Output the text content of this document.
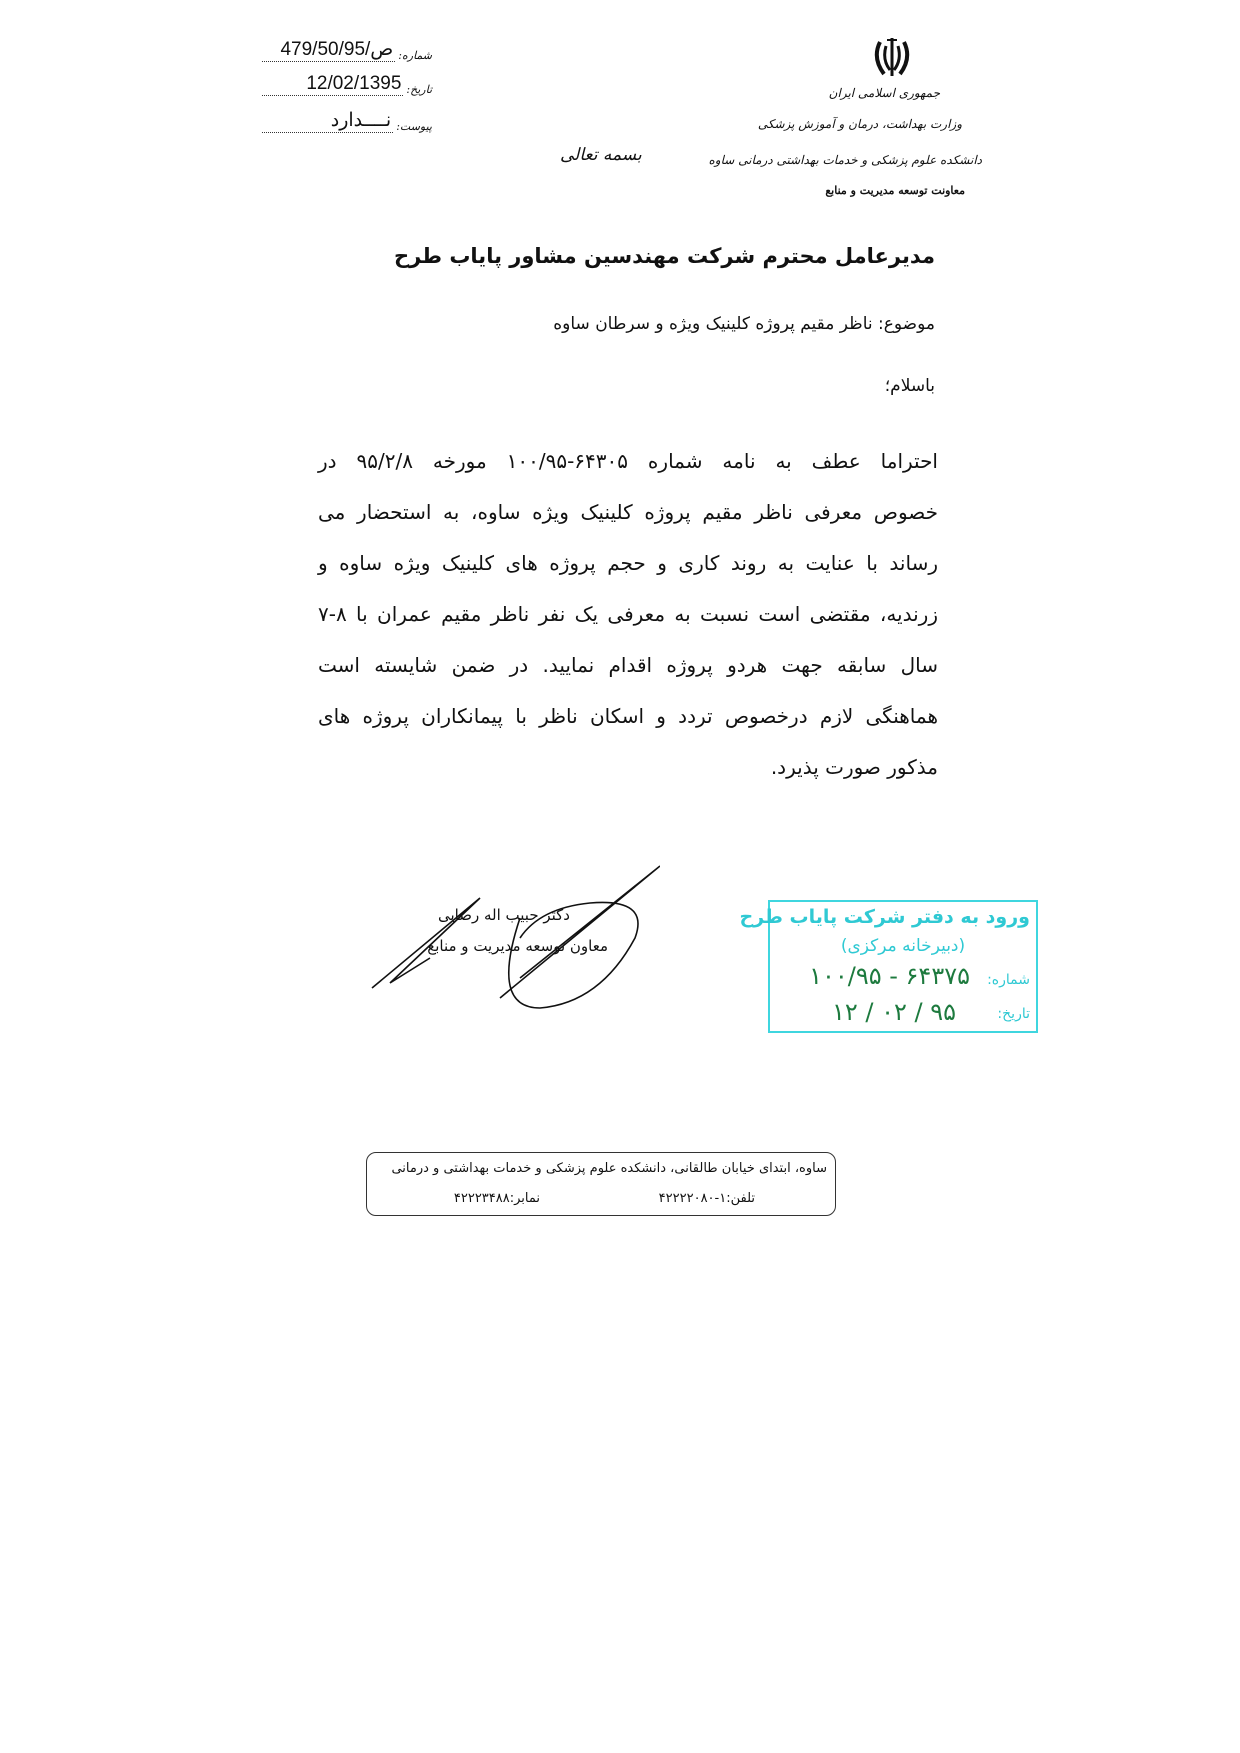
شماره:
479/50/ص/95
تاریخ:
12/02/1395
پیوست:
نــــدارد
بسمه تعالی
جمهوری اسلامی ایران
وزارت بهداشت، درمان و آموزش پزشکی
دانشکده علوم پزشکی و خدمات بهداشتی درمانی ساوه
معاونت توسعه مدیریت و منابع
مدیرعامل محترم شرکت مهندسین مشاور پایاب طرح
موضوع: ناظر مقیم پروژه کلینیک ویژه و سرطان ساوه
باسلام؛

احتراما عطف به نامه شماره ۶۴۳۰۵-۱۰۰/۹۵ مورخه ۹۵/۲/۸ در

خصوص معرفی ناظر مقیم پروژه کلینیک ویژه ساوه، به استحضار می

رساند با عنایت به روند کاری و حجم پروژه های کلینیک ویژه ساوه و

زرندیه، مقتضی است نسبت به معرفی یک نفر ناظر مقیم عمران با ۸-۷

سال سابقه جهت هردو پروژه اقدام نمایید. در ضمن شایسته است

هماهنگی لازم درخصوص تردد و اسکان ناظر با پیمانکاران پروژه های

مذکور صورت پذیرد.

دکتر حبیب اله رضایی
معاون توسعه مدیریت و منابع
ورود به دفتر شرکت پایاب طرح
(دبیرخانه مرکزی)
شماره:
۱۰۰/۹۵ - ۶۴۳۷۵
تاریخ:
۱۲ / ۰۲ / ۹۵
ساوه، ابتدای خیابان طالقانی، دانشکده علوم پزشکی و خدمات بهداشتی و درمانی
تلفن:۱-۴۲۲۲۲۰۸۰
نمابر:۴۲۲۲۳۴۸۸
